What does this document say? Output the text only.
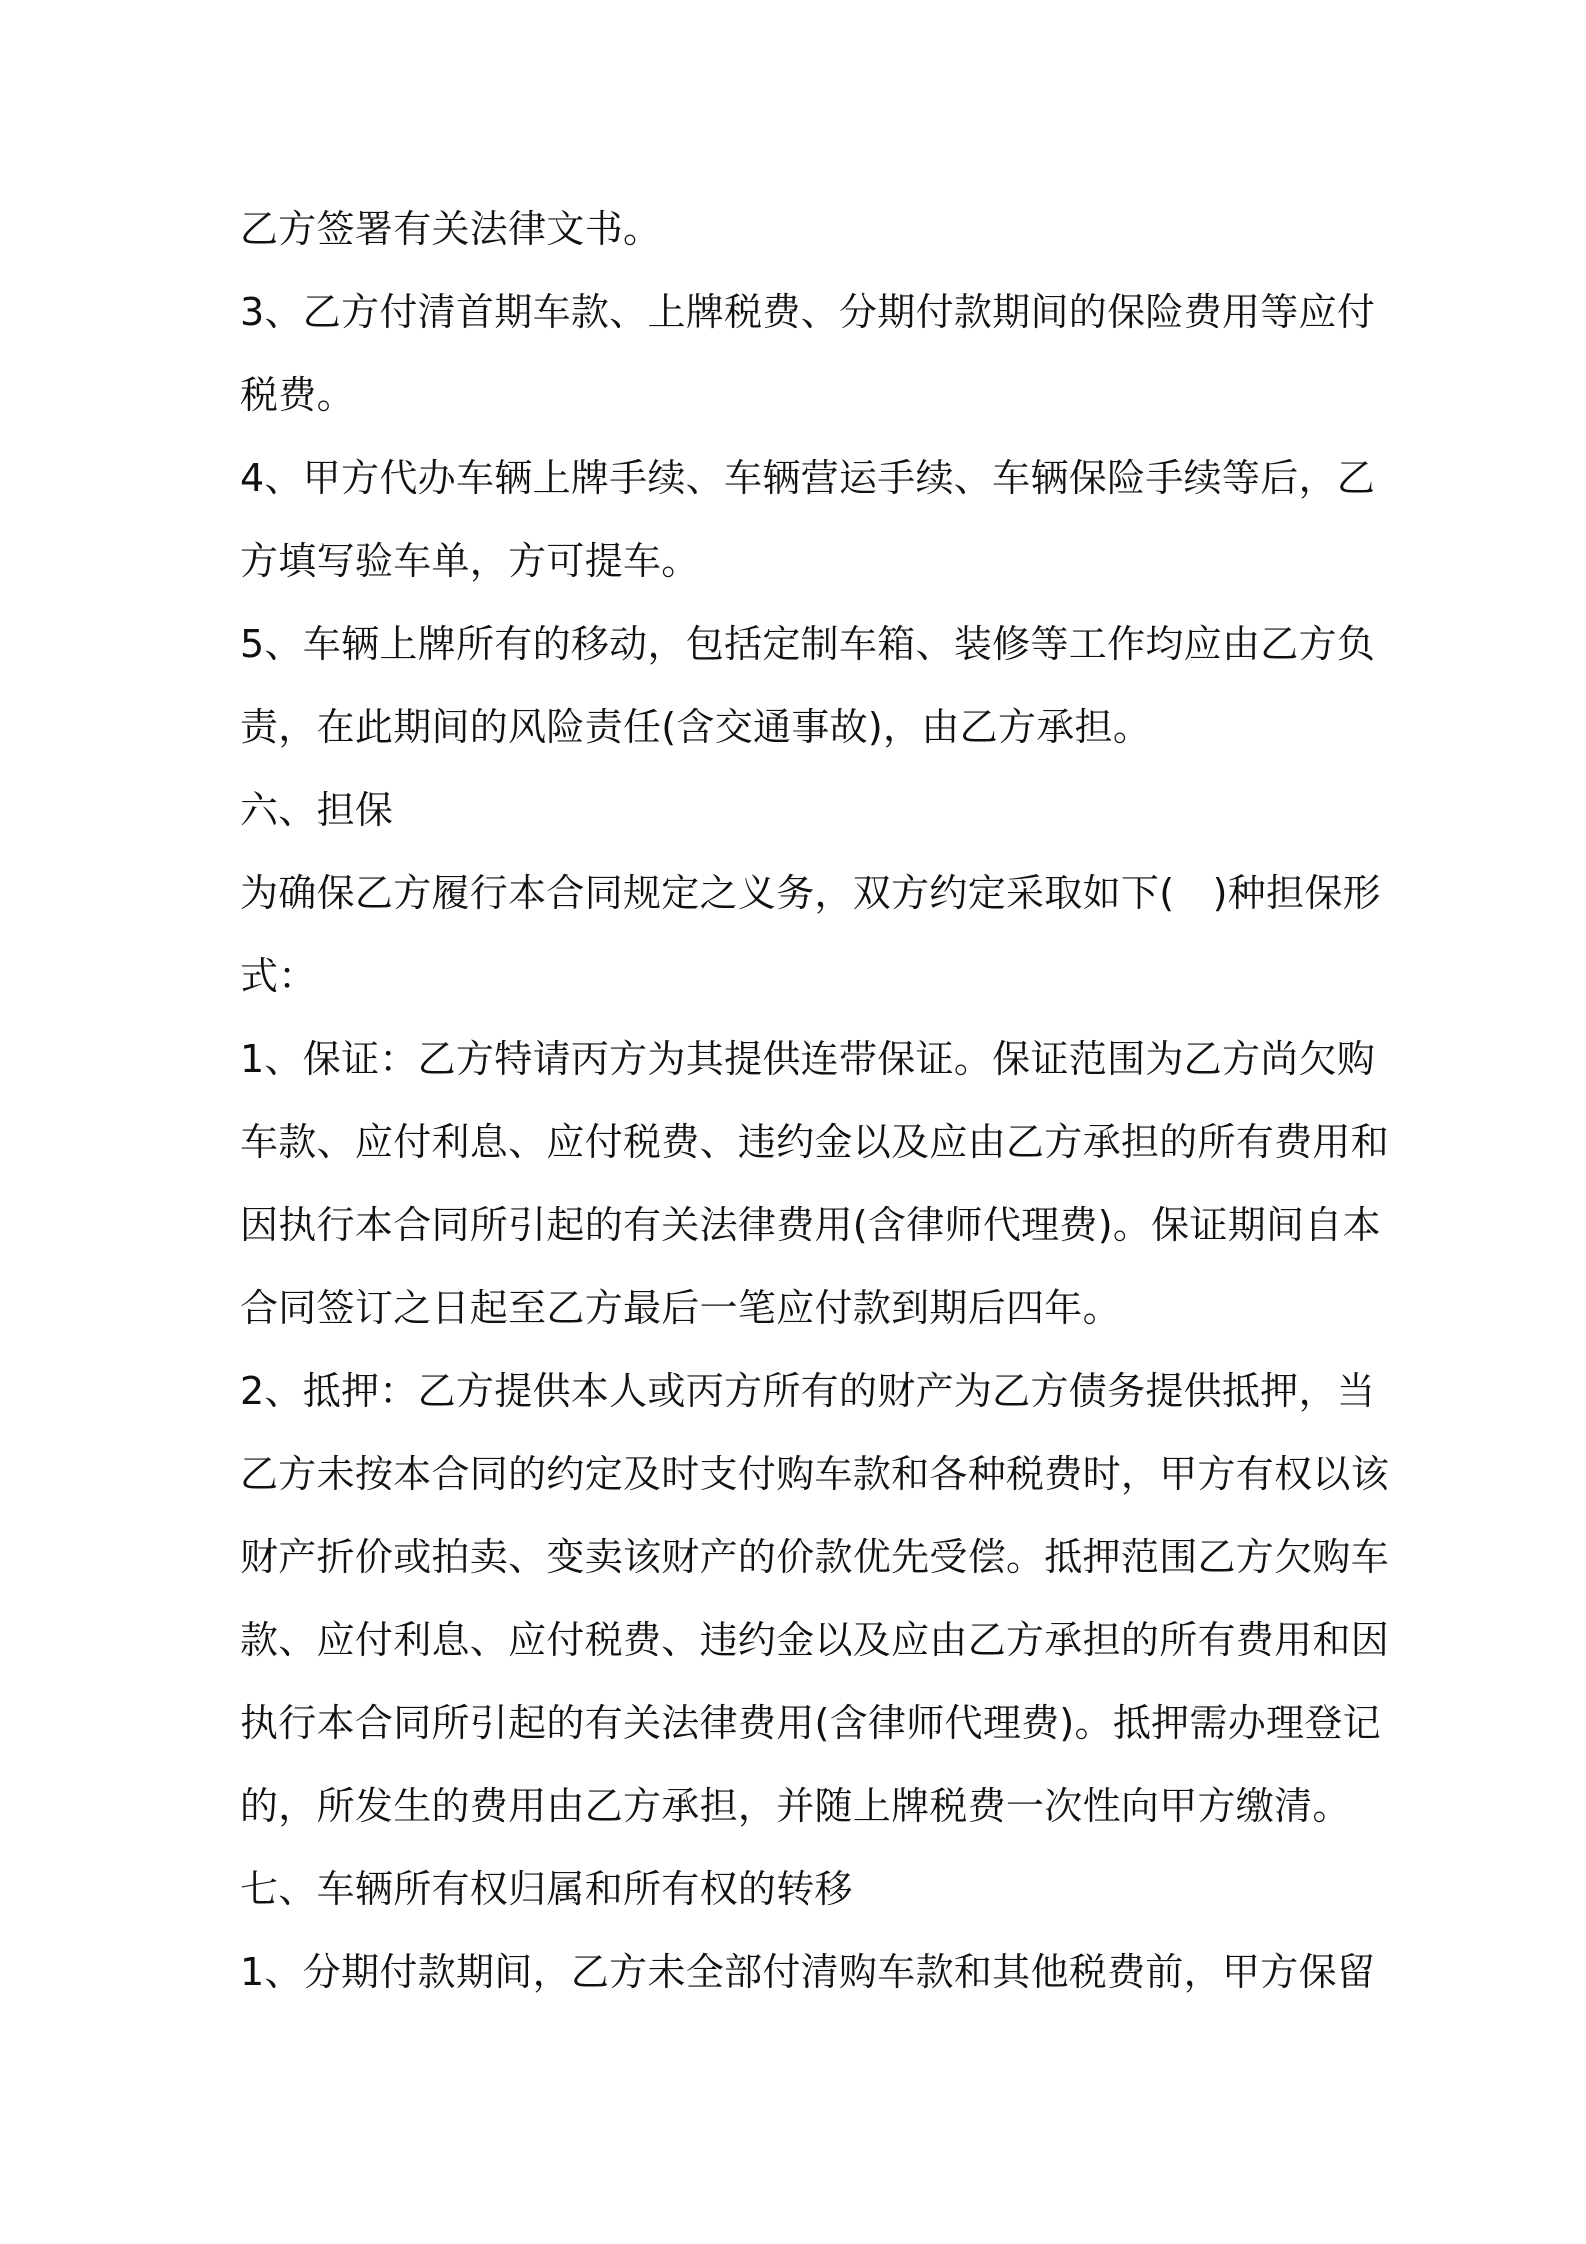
乙方签署有关法律文书。
3、乙方付清首期车款、上牌税费、分期付款期间的保险费用等应付
税费。
4、甲方代办车辆上牌手续、车辆营运手续、车辆保险手续等后，乙
方填写验车单，方可提车。
5、车辆上牌所有的移动，包括定制车箱、装修等工作均应由乙方负
责，在此期间的风险责任(含交通事故)，由乙方承担。
六、担保
为确保乙方履行本合同规定之义务，双方约定采取如下(　)种担保形
式：
1、保证：乙方特请丙方为其提供连带保证。保证范围为乙方尚欠购
车款、应付利息、应付税费、违约金以及应由乙方承担的所有费用和
因执行本合同所引起的有关法律费用(含律师代理费)。保证期间自本
合同签订之日起至乙方最后一笔应付款到期后四年。
2、抵押：乙方提供本人或丙方所有的财产为乙方债务提供抵押，当
乙方未按本合同的约定及时支付购车款和各种税费时，甲方有权以该
财产折价或拍卖、变卖该财产的价款优先受偿。抵押范围乙方欠购车
款、应付利息、应付税费、违约金以及应由乙方承担的所有费用和因
执行本合同所引起的有关法律费用(含律师代理费)。抵押需办理登记
的，所发生的费用由乙方承担，并随上牌税费一次性向甲方缴清。
七、车辆所有权归属和所有权的转移
1、分期付款期间，乙方未全部付清购车款和其他税费前，甲方保留
